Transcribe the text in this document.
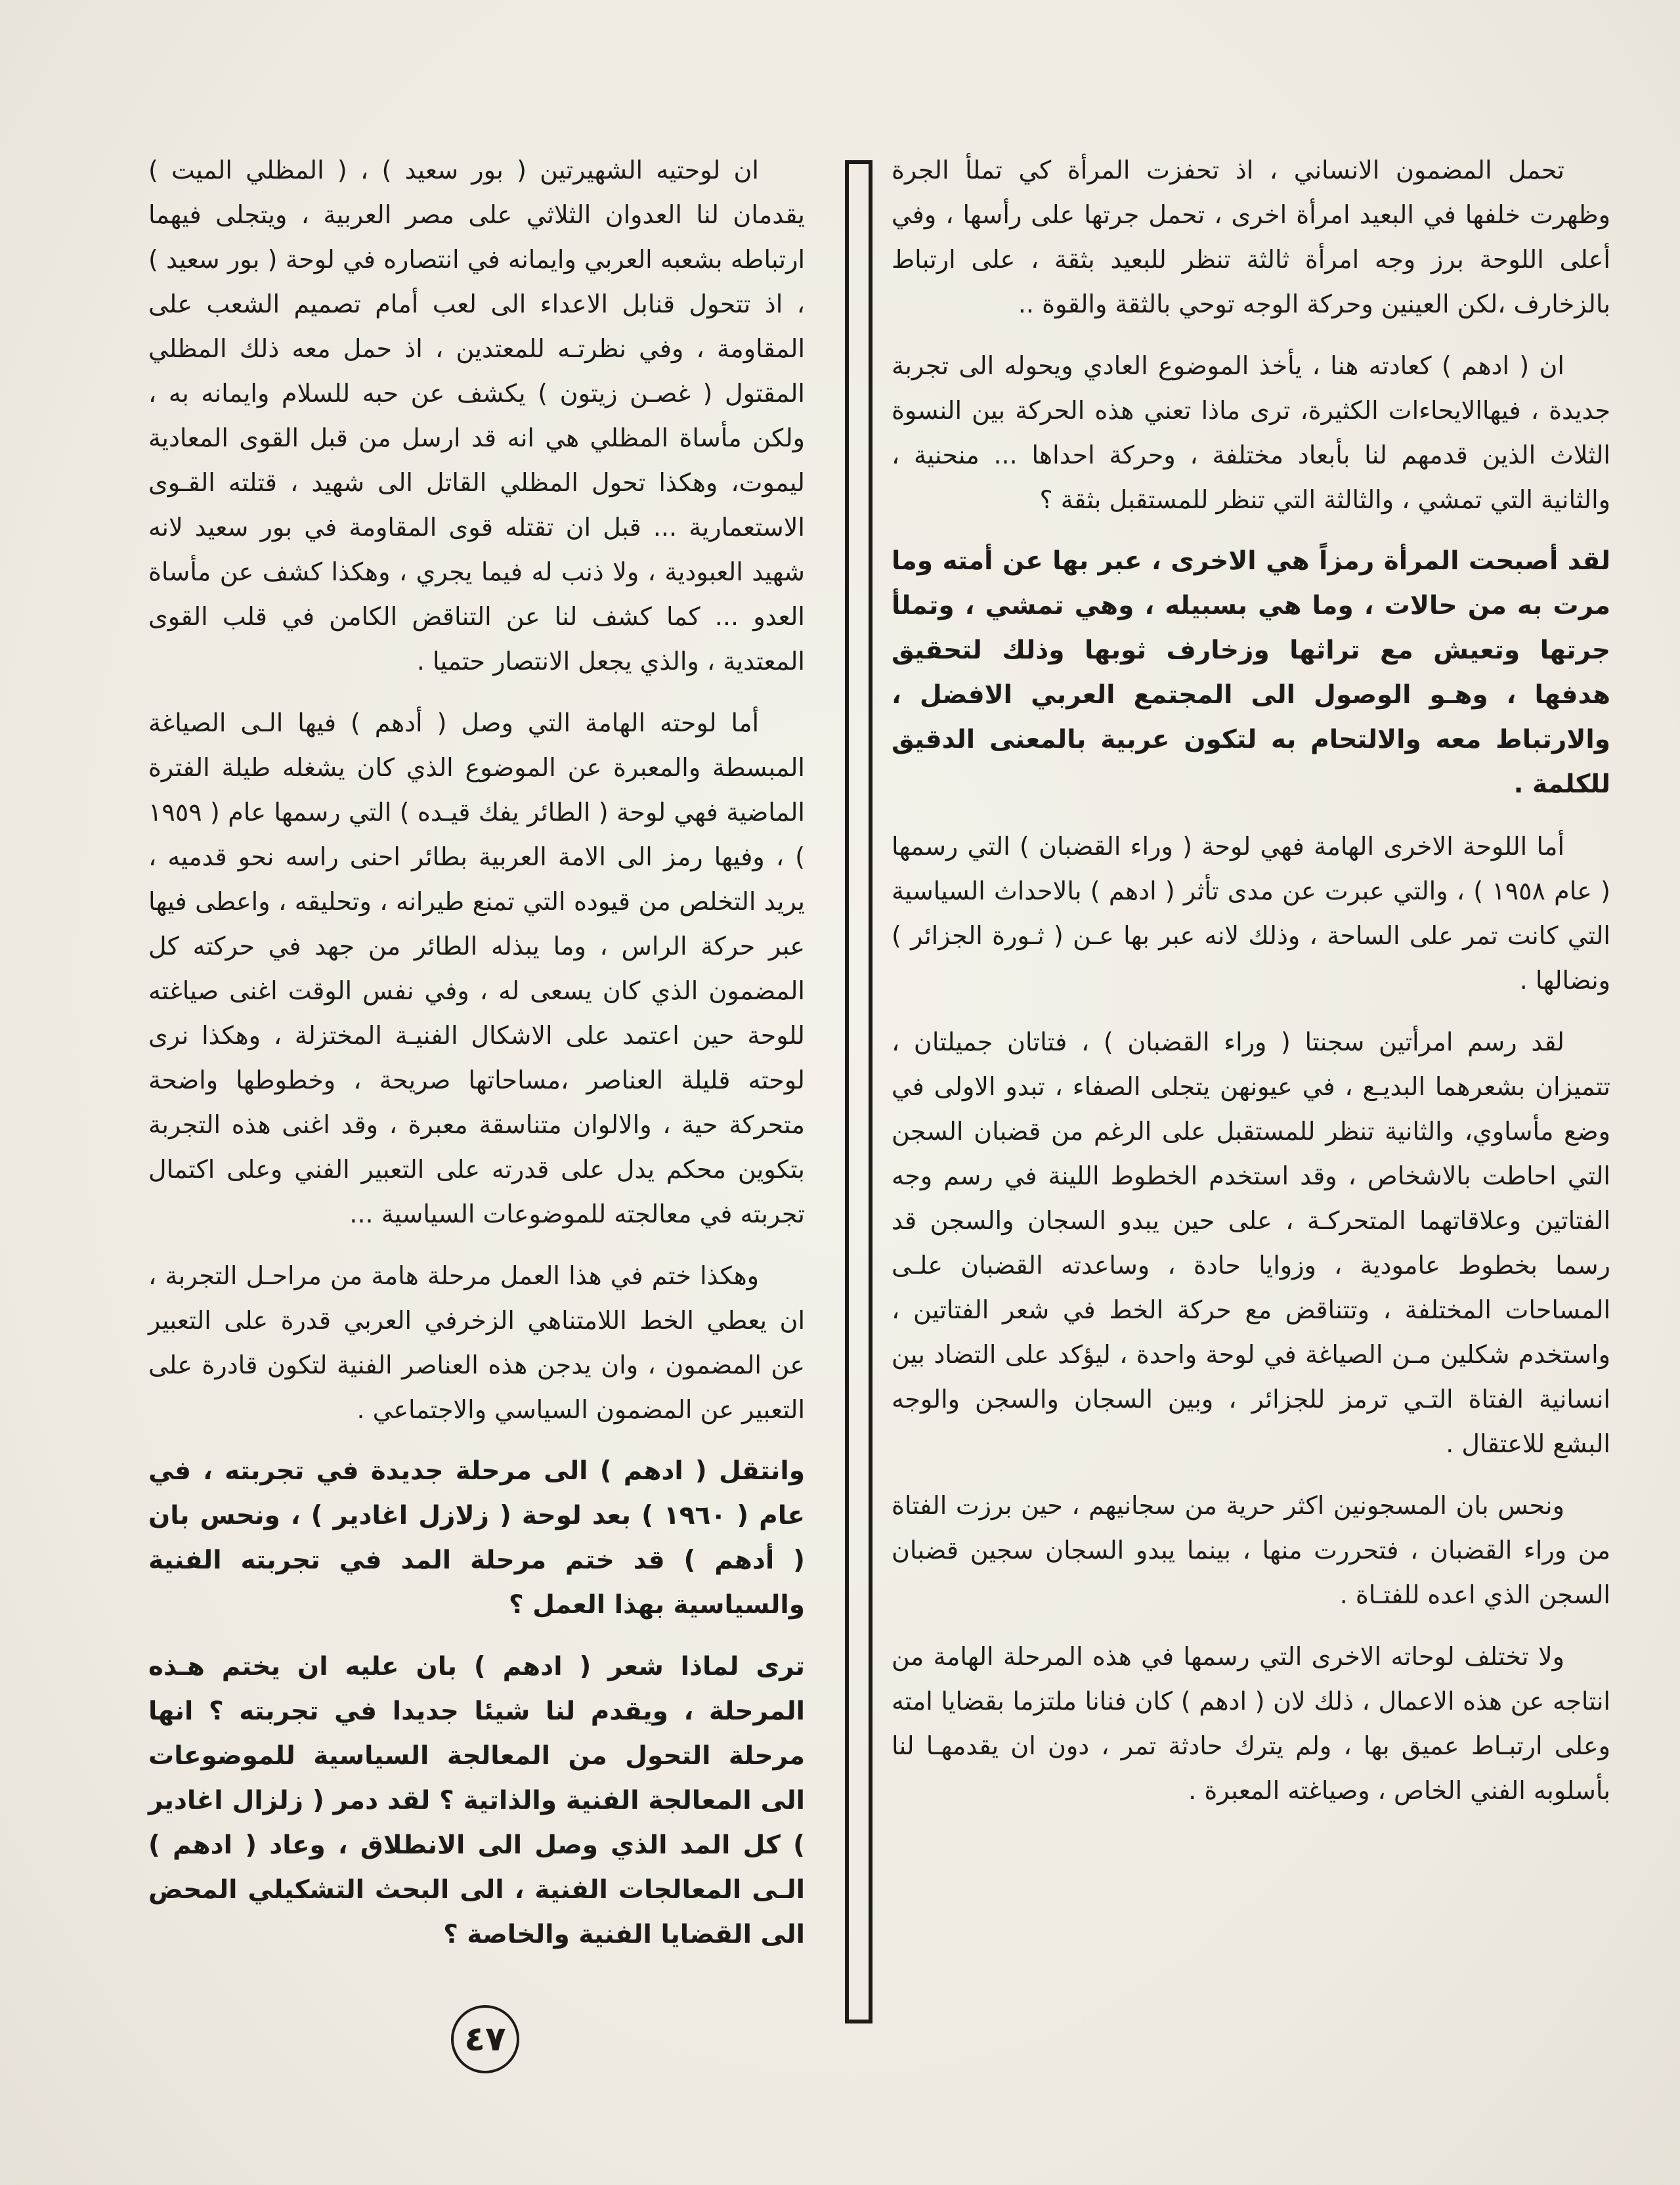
تحمل المضمون الانساني ، اذ تحفزت المرأة كي تملأ الجرة وظهرت خلفها في البعيد امرأة اخرى ، تحمل جرتها على رأسها ، وفي أعلى اللوحة برز وجه امرأة ثالثة تنظر للبعيد بثقة ، على ارتباط بالزخارف ،لكن العينين وحركة الوجه توحي بالثقة والقوة ..

ان ( ادهم ) كعادته هنا ، يأخذ الموضوع العادي ويحوله الى تجربة جديدة ، فيهاالايحاءات الكثيرة، ترى ماذا تعني هذه الحركة بين النسوة الثلاث الذين قدمهم لنا بأبعاد مختلفة ، وحركة احداها ... منحنية ، والثانية التي تمشي ، والثالثة التي تنظر للمستقبل بثقة ؟

لقد أصبحت المرأة رمزاً هي الاخرى ، عبر بها عن أمته وما مرت به من حالات ، وما هي بسبيله ، وهي تمشي ، وتملأ جرتها وتعيش مع تراثها وزخارف ثوبها وذلك لتحقيق هدفها ، وهـو الوصول الى المجتمع العربي الافضل ، والارتباط معه والالتحام به لتكون عربية بالمعنى الدقيق للكلمة .

أما اللوحة الاخرى الهامة فهي لوحة ( وراء القضبان ) التي رسمها ( عام ١٩٥٨ ) ، والتي عبرت عن مدى تأثر ( ادهم ) بالاحداث السياسية التي كانت تمر على الساحة ، وذلك لانه عبر بها عـن ( ثـورة الجزائر ) ونضالها .

لقد رسم امرأتين سجنتا ( وراء القضبان ) ، فتاتان جميلتان ، تتميزان بشعرهما البديـع ، في عيونهن يتجلى الصفاء ، تبدو الاولى في وضع مأساوي، والثانية تنظر للمستقبل على الرغم من قضبان السجن التي احاطت بالاشخاص ، وقد استخدم الخطوط اللينة في رسم وجه الفتاتين وعلاقاتهما المتحركـة ، على حين يبدو السجان والسجن قد رسما بخطوط عامودية ، وزوايا حادة ، وساعدته القضبان علـى المساحات المختلفة ، وتتناقض مع حركة الخط في شعر الفتاتين ، واستخدم شكلين مـن الصياغة في لوحة واحدة ، ليؤكد على التضاد بين انسانية الفتاة التـي ترمز للجزائر ، وبين السجان والسجن والوجه البشع للاعتقال .

ونحس بان المسجونين اكثر حرية من سجانيهم ، حين برزت الفتاة من وراء القضبان ، فتحررت منها ، بينما يبدو السجان سجين قضبان السجن الذي اعده للفتـاة .

ولا تختلف لوحاته الاخرى التي رسمها في هذه المرحلة الهامة من انتاجه عن هذه الاعمال ، ذلك لان ( ادهم ) كان فنانا ملتزما بقضايا امته وعلى ارتبـاط عميق بها ، ولم يترك حادثة تمر ، دون ان يقدمهـا لنا بأسلوبه الفني الخاص ، وصياغته المعبرة .

ان لوحتيه الشهيرتين ( بور سعيد ) ، ( المظلي الميت ) يقدمان لنا العدوان الثلاثي على مصر العربية ، ويتجلى فيهما ارتباطه بشعبه العربي وايمانه في انتصاره في لوحة ( بور سعيد ) ، اذ تتحول قنابل الاعداء الى لعب أمام تصميم الشعب على المقاومة ، وفي نظرتـه للمعتدين ، اذ حمل معه ذلك المظلي المقتول ( غصـن زيتون ) يكشف عن حبه للسلام وايمانه به ، ولكن مأساة المظلي هي انه قد ارسل من قبل القوى المعادية ليموت، وهكذا تحول المظلي القاتل الى شهيد ، قتلته القـوى الاستعمارية ... قبل ان تقتله قوى المقاومة في بور سعيد لانه شهيد العبودية ، ولا ذنب له فيما يجري ، وهكذا كشف عن مأساة العدو ... كما كشف لنا عن التناقض الكامن في قلب القوى المعتدية ، والذي يجعل الانتصار حتميا .

أما لوحته الهامة التي وصل ( أدهم ) فيها الـى الصياغة المبسطة والمعبرة عن الموضوع الذي كان يشغله طيلة الفترة الماضية فهي لوحة ( الطائر يفك قيـده ) التي رسمها عام ( ١٩٥٩ ) ، وفيها رمز الى الامة العربية بطائر احنى راسه نحو قدميه ، يريد التخلص من قيوده التي تمنع طيرانه ، وتحليقه ، واعطى فيها عبر حركة الراس ، وما يبذله الطائر من جهد في حركته كل المضمون الذي كان يسعى له ، وفي نفس الوقت اغنى صياغته للوحة حين اعتمد على الاشكال الفنيـة المختزلة ، وهكذا نرى لوحته قليلة العناصر ،مساحاتها صريحة ، وخطوطها واضحة متحركة حية ، والالوان متناسقة معبرة ، وقد اغنى هذه التجربة بتكوين محكم يدل على قدرته على التعبير الفني وعلى اكتمال تجربته في معالجته للموضوعات السياسية ...

وهكذا ختم في هذا العمل مرحلة هامة من مراحـل التجربة ، ان يعطي الخط اللامتناهي الزخرفي العربي قدرة على التعبير عن المضمون ، وان يدجن هذه العناصر الفنية لتكون قادرة على التعبير عن المضمون السياسي والاجتماعي .

وانتقل ( ادهم ) الى مرحلة جديدة في تجربته ، في عام ( ١٩٦٠ ) بعد لوحة ( زلازل اغادير ) ، ونحس بان ( أدهم ) قد ختم مرحلة المد في تجربته الفنية والسياسية بهذا العمل ؟

ترى لماذا شعر ( ادهم ) بان عليه ان يختم هـذه المرحلة ، ويقدم لنا شيئا جديدا في تجربته ؟ انها مرحلة التحول من المعالجة السياسية للموضوعات الى المعالجة الفنية والذاتية ؟ لقد دمر ( زلزال اغادير ) كل المد الذي وصل الى الانطلاق ، وعاد ( ادهم ) الـى المعالجات الفنية ، الى البحث التشكيلي المحض الى القضايا الفنية والخاصة ؟

٤٧
